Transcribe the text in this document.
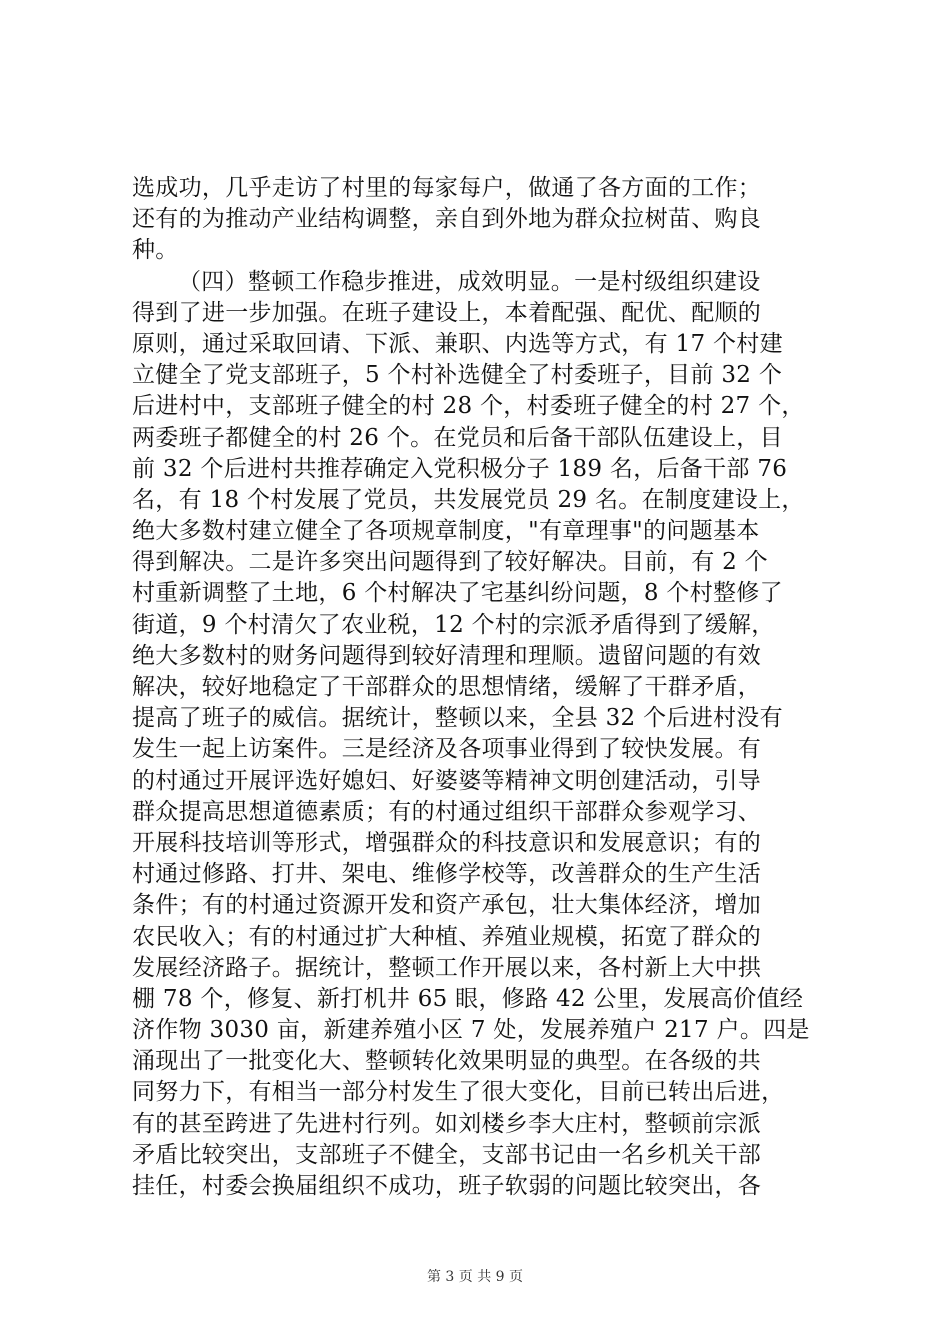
选成功，几乎走访了村里的每家每户，做通了各方面的工作；
还有的为推动产业结构调整，亲自到外地为群众拉树苗、购良
种。
（四）整顿工作稳步推进，成效明显。一是村级组织建设
得到了进一步加强。在班子建设上，本着配强、配优、配顺的
原则，通过采取回请、下派、兼职、内选等方式，有 17 个村建
立健全了党支部班子，5 个村补选健全了村委班子，目前 32 个
后进村中，支部班子健全的村 28 个，村委班子健全的村 27 个，
两委班子都健全的村 26 个。在党员和后备干部队伍建设上，目
前 32 个后进村共推荐确定入党积极分子 189 名，后备干部 76
名，有 18 个村发展了党员，共发展党员 29 名。在制度建设上，
绝大多数村建立健全了各项规章制度，"有章理事"的问题基本
得到解决。二是许多突出问题得到了较好解决。目前，有 2 个
村重新调整了土地，6 个村解决了宅基纠纷问题，8 个村整修了
街道，9 个村清欠了农业税，12 个村的宗派矛盾得到了缓解，
绝大多数村的财务问题得到较好清理和理顺。遗留问题的有效
解决，较好地稳定了干部群众的思想情绪，缓解了干群矛盾，
提高了班子的威信。据统计，整顿以来，全县 32 个后进村没有
发生一起上访案件。三是经济及各项事业得到了较快发展。有
的村通过开展评选好媳妇、好婆婆等精神文明创建活动，引导
群众提高思想道德素质；有的村通过组织干部群众参观学习、
开展科技培训等形式，增强群众的科技意识和发展意识；有的
村通过修路、打井、架电、维修学校等，改善群众的生产生活
条件；有的村通过资源开发和资产承包，壮大集体经济，增加
农民收入；有的村通过扩大种植、养殖业规模，拓宽了群众的
发展经济路子。据统计，整顿工作开展以来，各村新上大中拱
棚 78 个，修复、新打机井 65 眼，修路 42 公里，发展高价值经
济作物 3030 亩，新建养殖小区 7 处，发展养殖户 217 户。四是
涌现出了一批变化大、整顿转化效果明显的典型。在各级的共
同努力下，有相当一部分村发生了很大变化，目前已转出后进，
有的甚至跨进了先进村行列。如刘楼乡李大庄村，整顿前宗派
矛盾比较突出，支部班子不健全，支部书记由一名乡机关干部
挂任，村委会换届组织不成功，班子软弱的问题比较突出，各
第 3 页 共 9 页
